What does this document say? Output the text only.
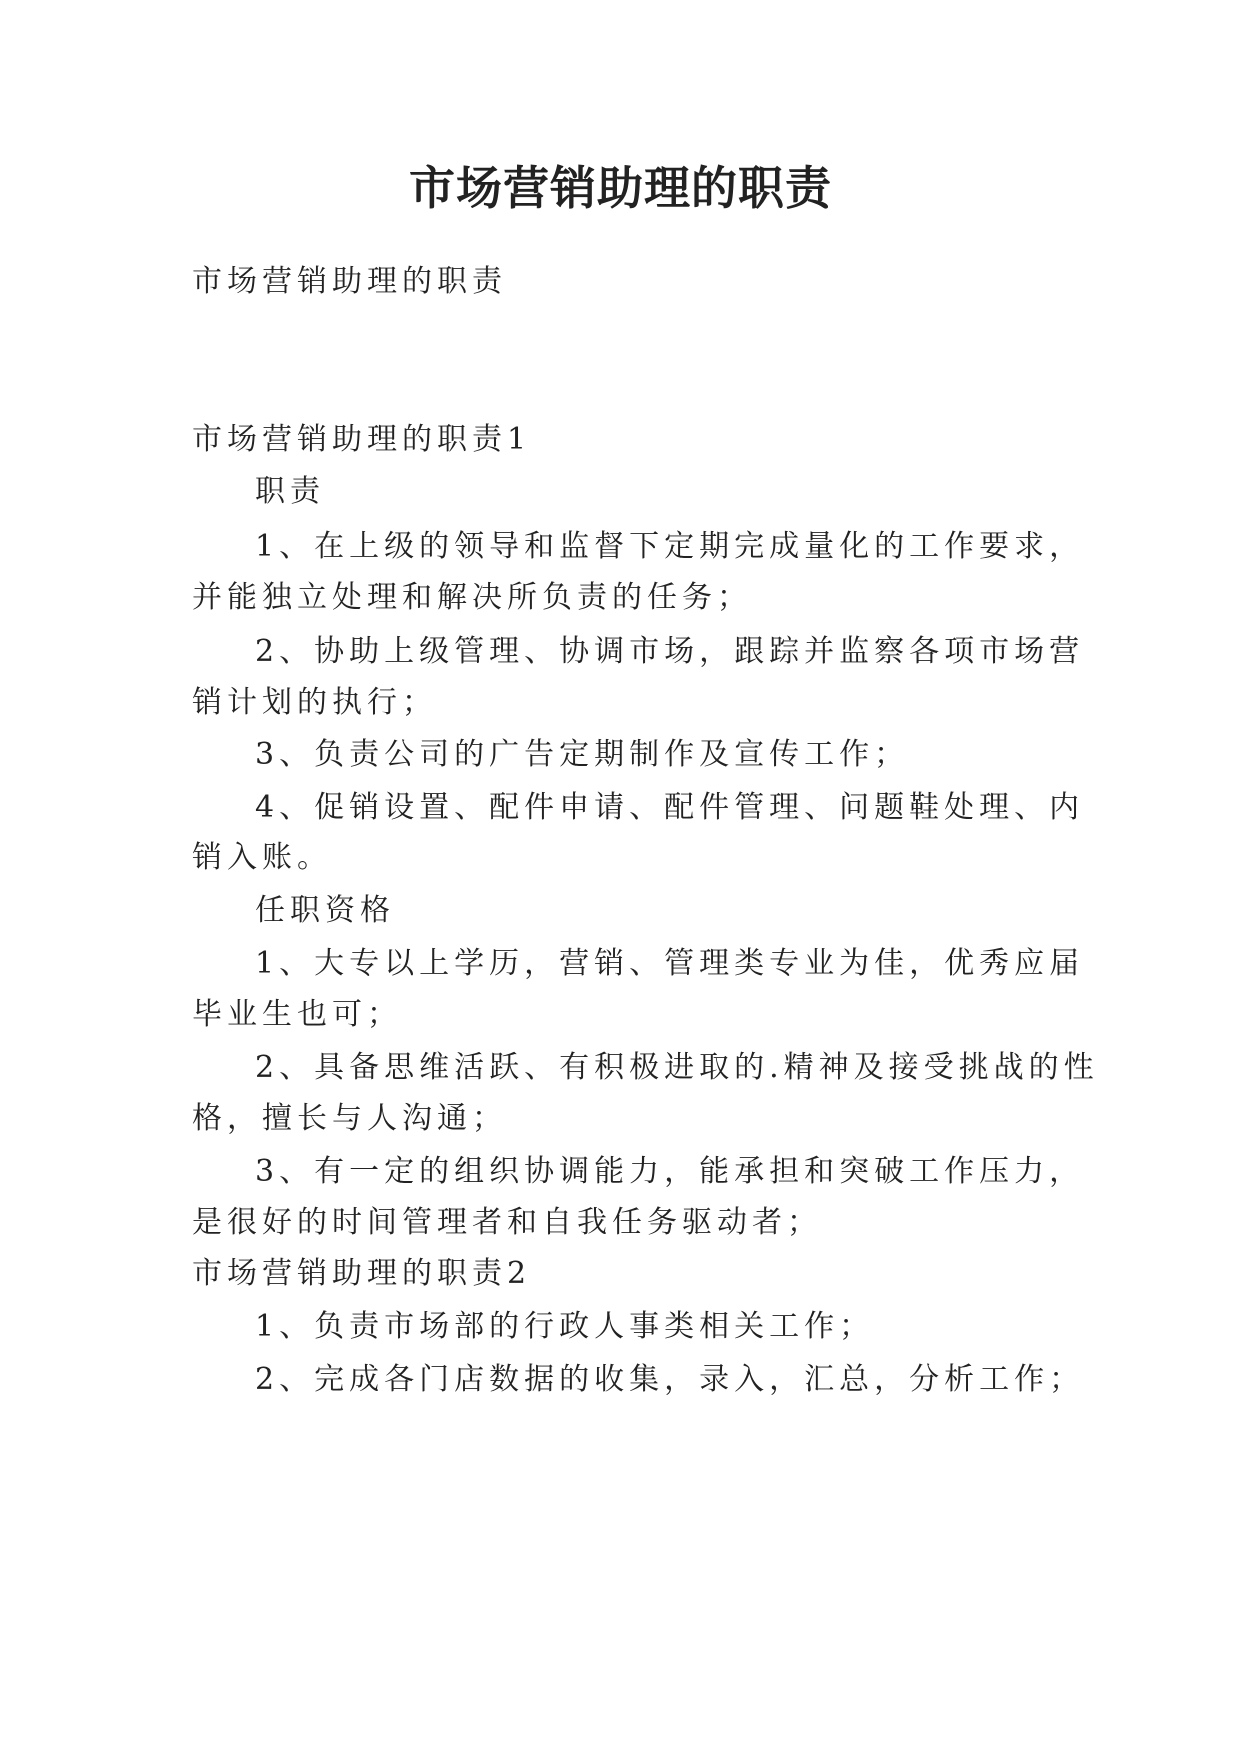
市场营销助理的职责
市场营销助理的职责
市场营销助理的职责1
职责
1、在上级的领导和监督下定期完成量化的工作要求，
并能独立处理和解决所负责的任务；
2、协助上级管理、协调市场，跟踪并监察各项市场营
销计划的执行；
3、负责公司的广告定期制作及宣传工作；
4、促销设置、配件申请、配件管理、问题鞋处理、内
销入账。
任职资格
1、大专以上学历，营销、管理类专业为佳，优秀应届
毕业生也可；
2、具备思维活跃、有积极进取的.精神及接受挑战的性
格，擅长与人沟通；
3、有一定的组织协调能力，能承担和突破工作压力，
是很好的时间管理者和自我任务驱动者；
市场营销助理的职责2
1、负责市场部的行政人事类相关工作；
2、完成各门店数据的收集，录入，汇总，分析工作；
